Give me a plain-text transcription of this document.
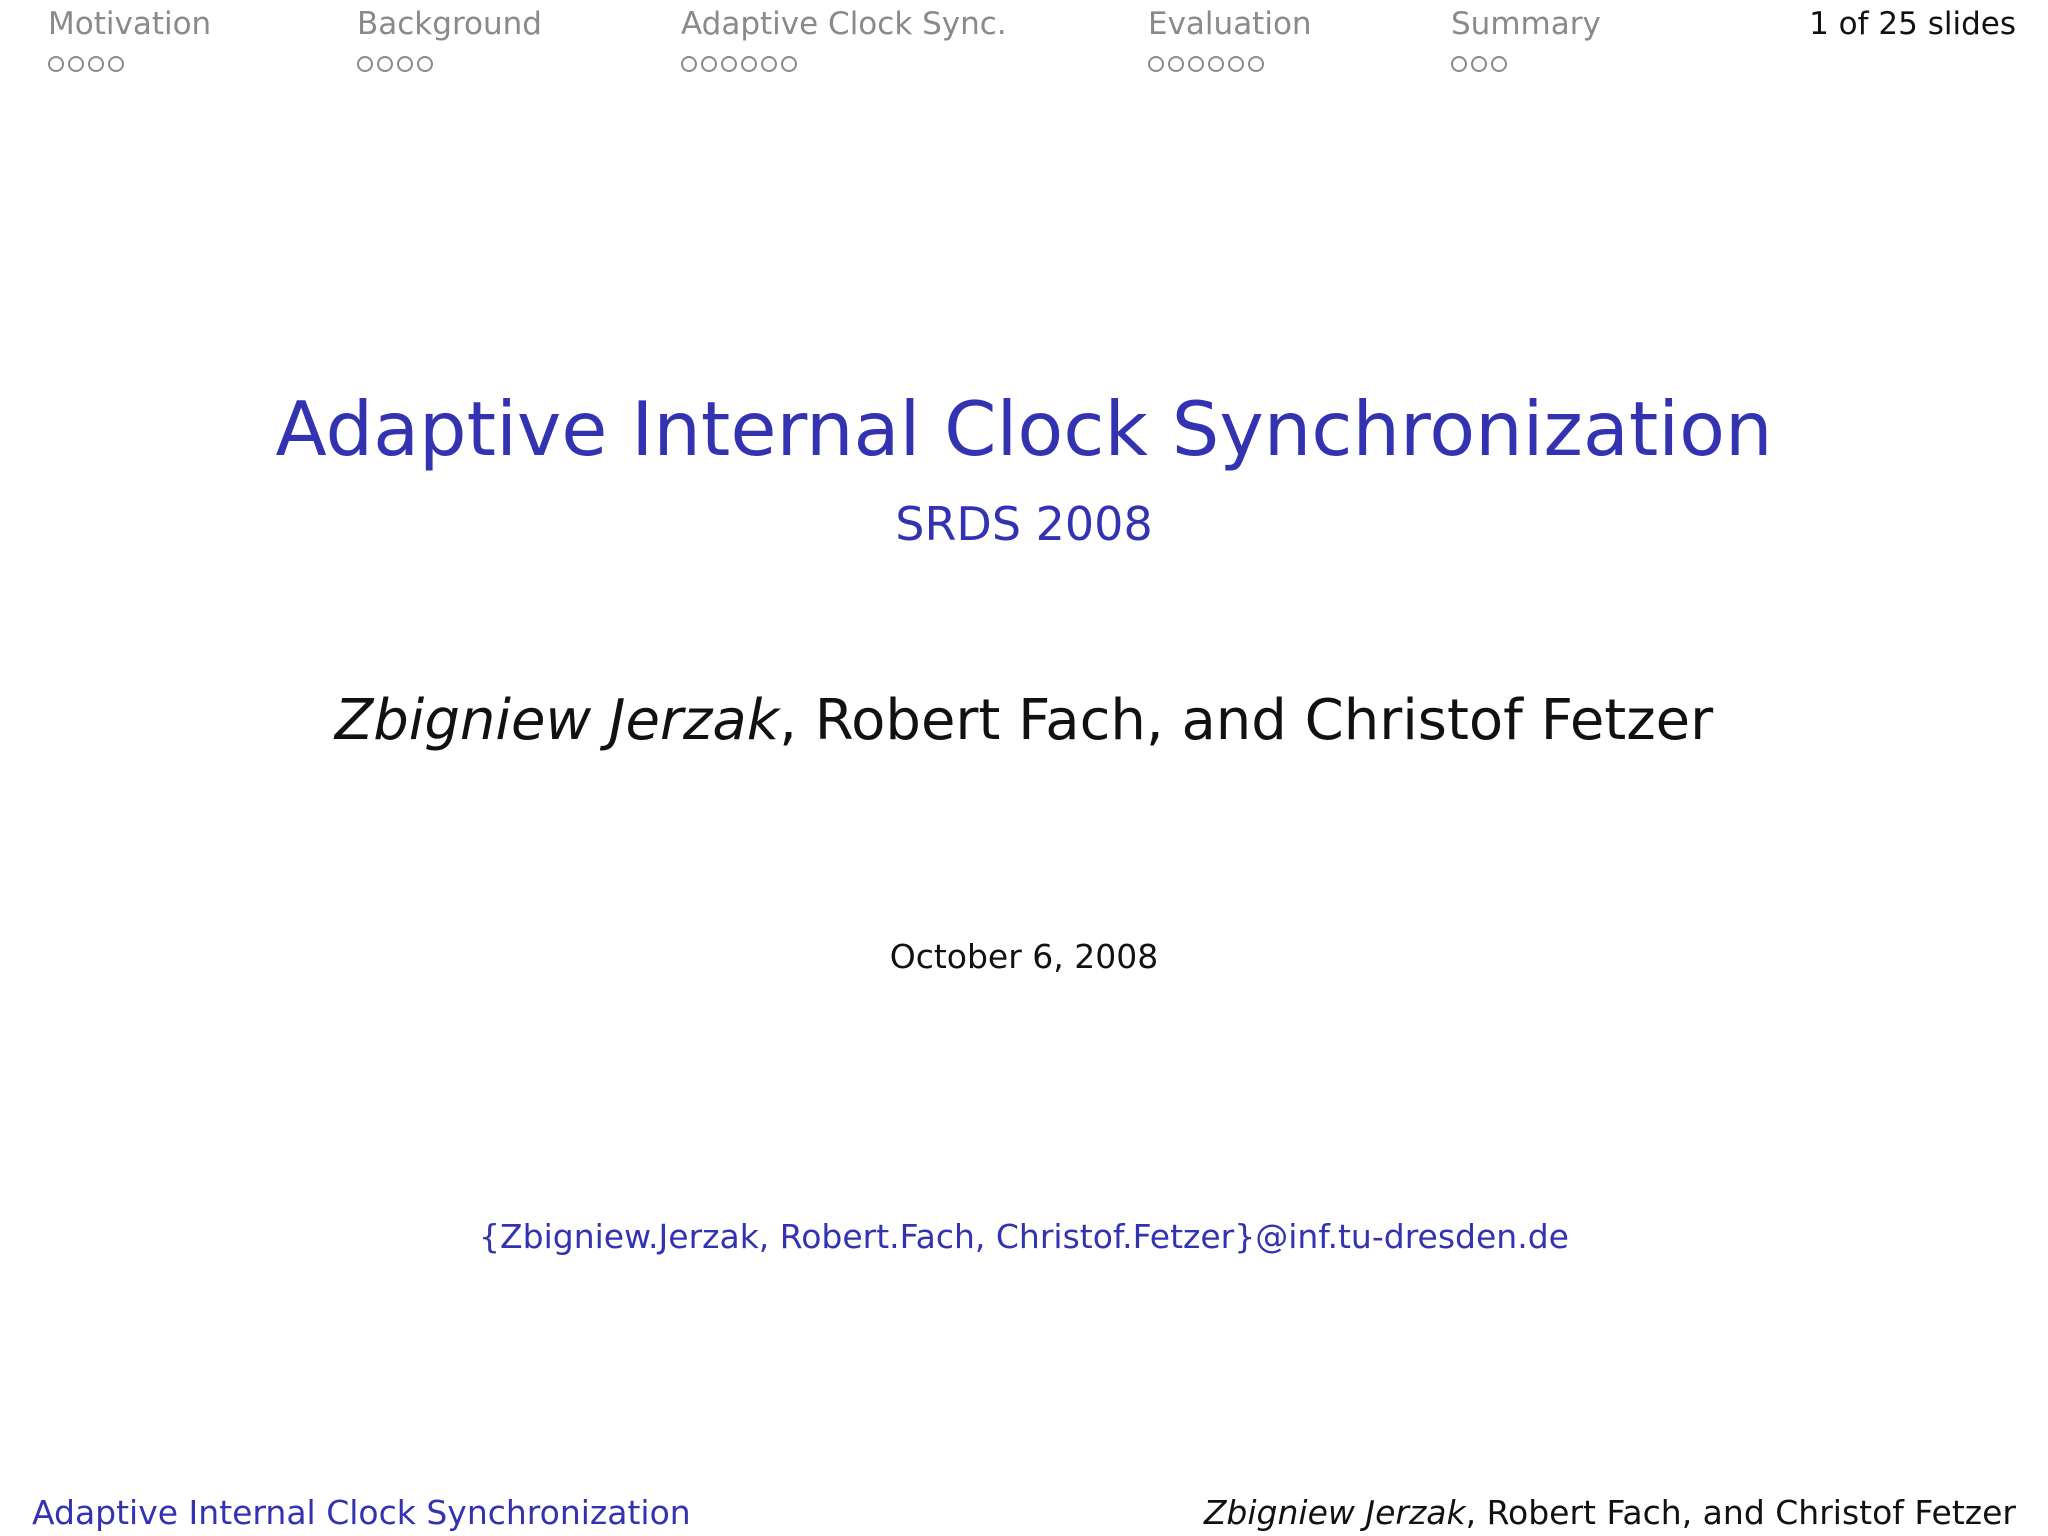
Motivation	Background	Adaptive Clock Sync.	Evaluation	Summary	1 of 25 slides
Adaptive Internal Clock Synchronization
SRDS 2008
Zbigniew Jerzak, Robert Fach, and Christof Fetzer
October 6, 2008
{Zbigniew.Jerzak, Robert.Fach, Christof.Fetzer}@inf.tu-dresden.de
Adaptive Internal Clock Synchronization	Zbigniew Jerzak, Robert Fach, and Christof Fetzer
